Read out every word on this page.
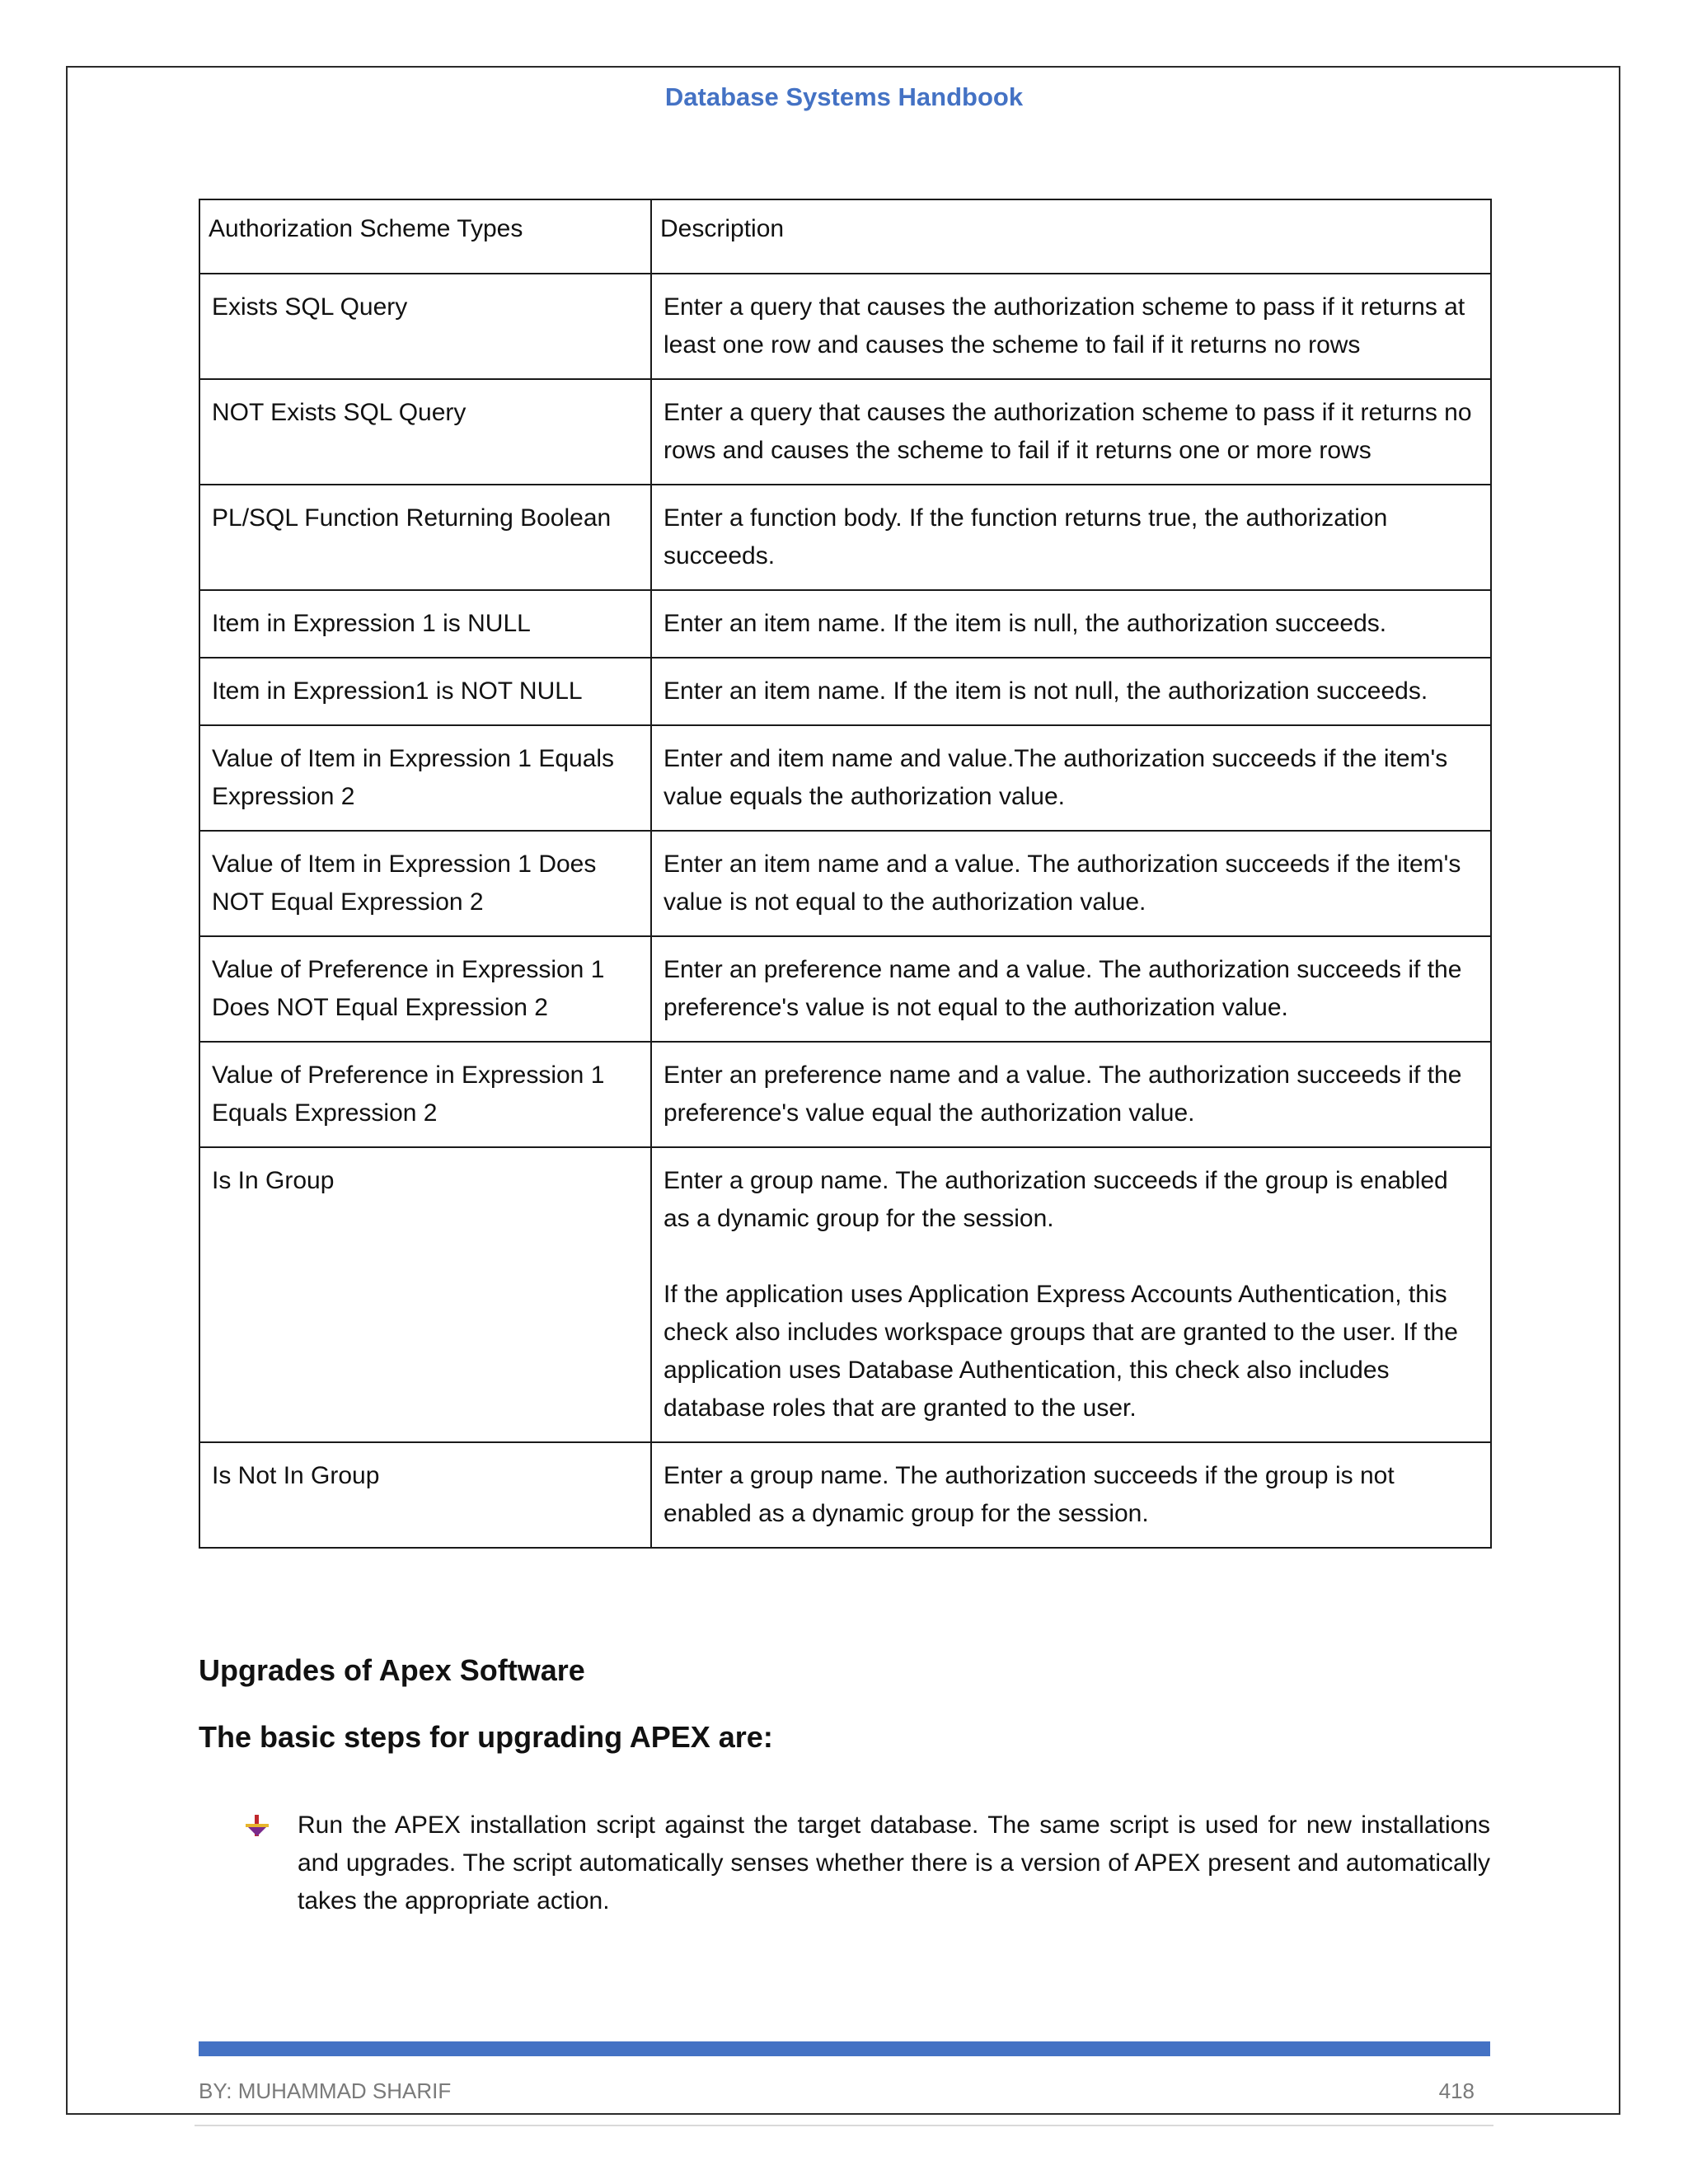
Database Systems Handbook
Authorization Scheme Types	Description
Exists SQL Query	Enter a query that causes the authorization scheme to pass if it returns at least one row and causes the scheme to fail if it returns no rows

NOT Exists SQL Query	Enter a query that causes the authorization scheme to pass if it returns no rows and causes the scheme to fail if it returns one or more rows

PL/SQL Function Returning Boolean	Enter a function body. If the function returns true, the authorization succeeds.

Item in Expression 1 is NULL	Enter an item name. If the item is null, the authorization succeeds.

Item in Expression1 is NOT NULL	Enter an item name. If the item is not null, the authorization succeeds.

Value of Item in Expression 1 Equals Expression 2	Enter and item name and value.The authorization succeeds if the item's value equals the authorization value.

Value of Item in Expression 1 Does NOT Equal Expression 2	Enter an item name and a value. The authorization succeeds if the item's value is not equal to the authorization value.

Value of Preference in Expression 1 Does NOT Equal Expression 2	Enter an preference name and a value. The authorization succeeds if the preference's value is not equal to the authorization value.

Value of Preference in Expression 1 Equals Expression 2	Enter an preference name and a value. The authorization succeeds if the preference's value equal the authorization value.

Is In Group	Enter a group name. The authorization succeeds if the group is enabled as a dynamic group for the session.

If the application uses Application Express Accounts Authentication, this check also includes workspace groups that are granted to the user. If the application uses Database Authentication, this check also includes database roles that are granted to the user.

Is Not In Group	Enter a group name. The authorization succeeds if the group is not enabled as a dynamic group for the session.

Upgrades of Apex Software
The basic steps for upgrading APEX are:
Run the APEX installation script against the target database. The same script is used for new installations and upgrades. The script automatically senses whether there is a version of APEX present and automatically takes the appropriate action.
BY: MUHAMMAD SHARIF	418
